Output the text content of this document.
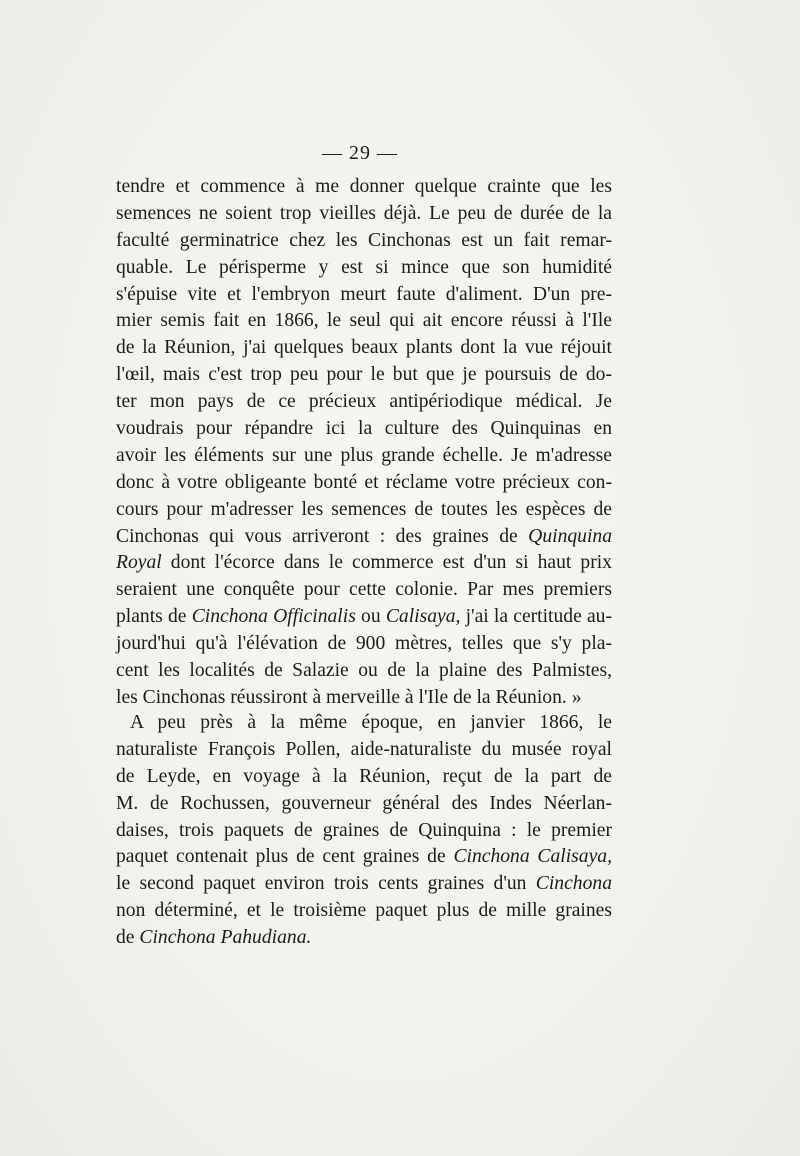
— 29 —
tendre et commence à me donner quelque crainte que les
semences ne soient trop vieilles déjà. Le peu de durée de la
faculté germinatrice chez les Cinchonas est un fait remar-
quable. Le périsperme y est si mince que son humidité
s'épuise vite et l'embryon meurt faute d'aliment. D'un pre-
mier semis fait en 1866, le seul qui ait encore réussi à l'Ile
de la Réunion, j'ai quelques beaux plants dont la vue réjouit
l'œil, mais c'est trop peu pour le but que je poursuis de do-
ter mon pays de ce précieux antipériodique médical. Je
voudrais pour répandre ici la culture des Quinquinas en
avoir les éléments sur une plus grande échelle. Je m'adresse
donc à votre obligeante bonté et réclame votre précieux con-
cours pour m'adresser les semences de toutes les espèces de
Cinchonas qui vous arriveront : des graines de Quinquina
Royal dont l'écorce dans le commerce est d'un si haut prix
seraient une conquête pour cette colonie. Par mes premiers
plants de Cinchona Officinalis ou Calisaya, j'ai la certitude au-
jourd'hui qu'à l'élévation de 900 mètres, telles que s'y pla-
cent les localités de Salazie ou de la plaine des Palmistes,
les Cinchonas réussiront à merveille à l'Ile de la Réunion. »
A peu près à la même époque, en janvier 1866, le
naturaliste François Pollen, aide-naturaliste du musée royal
de Leyde, en voyage à la Réunion, reçut de la part de
M. de Rochussen, gouverneur général des Indes Néerlan-
daises, trois paquets de graines de Quinquina : le premier
paquet contenait plus de cent graines de Cinchona Calisaya,
le second paquet environ trois cents graines d'un Cinchona
non déterminé, et le troisième paquet plus de mille graines
de Cinchona Pahudiana.
